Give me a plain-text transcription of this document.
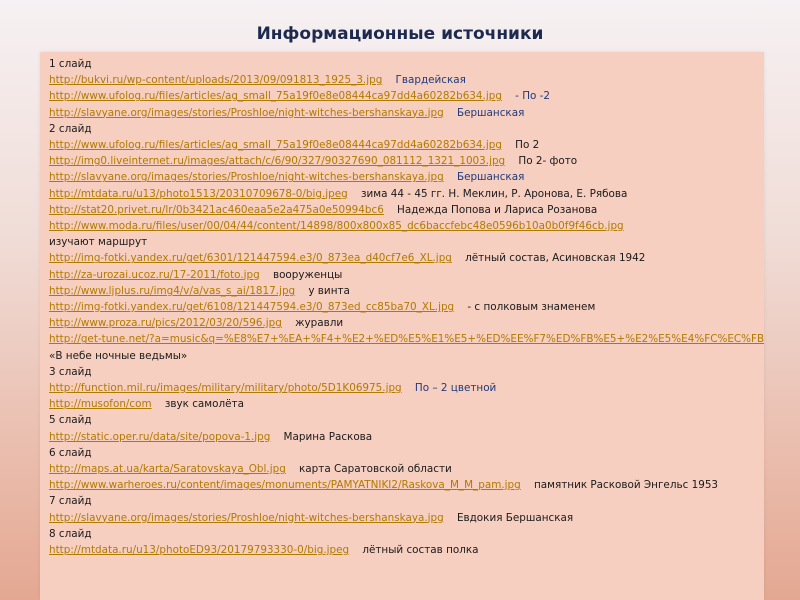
Информационные источники
1 слайд
http://bukvi.ru/wp-content/uploads/2013/09/091813_1925_3.jpg Гвардейская
http://www.ufolog.ru/files/articles/ag_small_75a19f0e8e08444ca97dd4a60282b634.jpg - По -2
http://slavyane.org/images/stories/Proshloe/night-witches-bershanskaya.jpg Бершанская
2 слайд
http://www.ufolog.ru/files/articles/ag_small_75a19f0e8e08444ca97dd4a60282b634.jpg По 2
http://img0.liveinternet.ru/images/attach/c/6/90/327/90327690_081112_1321_1003.jpg По 2- фото
http://slavyane.org/images/stories/Proshloe/night-witches-bershanskaya.jpg Бершанская
http://mtdata.ru/u13/photo1513/20310709678-0/big.jpeg зима 44 - 45 гг. Н. Меклин, Р. Аронова, Е. Рябова
http://stat20.privet.ru/lr/0b3421ac460eaa5e2a475a0e50994bc6 Надежда Попова и Лариса Розанова
http://www.moda.ru/files/user/00/04/44/content/14898/800x800x85_dc6baccfebc48e0596b10a0b0f9f46cb.jpg
изучают маршрут
http://img-fotki.yandex.ru/get/6301/121447594.e3/0_873ea_d40cf7e6_XL.jpg лётный состав, Асиновская 1942
http://za-urozai.ucoz.ru/17-2011/foto.jpg вооруженцы
http://www.ljplus.ru/img4/v/a/vas_s_ai/1817.jpg у винта
http://img-fotki.yandex.ru/get/6108/121447594.e3/0_873ed_cc85ba70_XL.jpg - с полковым знаменем
http://www.proza.ru/pics/2012/03/20/596.jpg журавли
http://get-tune.net/?a=music&q=%E8%E7+%EA+%F4+%E2+%ED%E5%E1%E5+%ED%EE%F7%ED%FB%E5+%E2%E5%E4%FC%EC%FB
«В небе ночные ведьмы»
3 слайд
http://function.mil.ru/images/military/military/photo/5D1K06975.jpg По – 2 цветной
http://musofon/com звук самолёта
5 слайд
http://static.oper.ru/data/site/popova-1.jpg Марина Раскова
6 слайд
http://maps.at.ua/karta/Saratovskaya_Obl.jpg карта Саратовской области
http://www.warheroes.ru/content/images/monuments/PAMYATNIKI2/Raskova_M_M_pam.jpg памятник Расковой Энгельс 1953
7 слайд
http://slavyane.org/images/stories/Proshloe/night-witches-bershanskaya.jpg Евдокия Бершанская
8 слайд
http://mtdata.ru/u13/photoED93/20179793330-0/big.jpeg лётный состав полка
